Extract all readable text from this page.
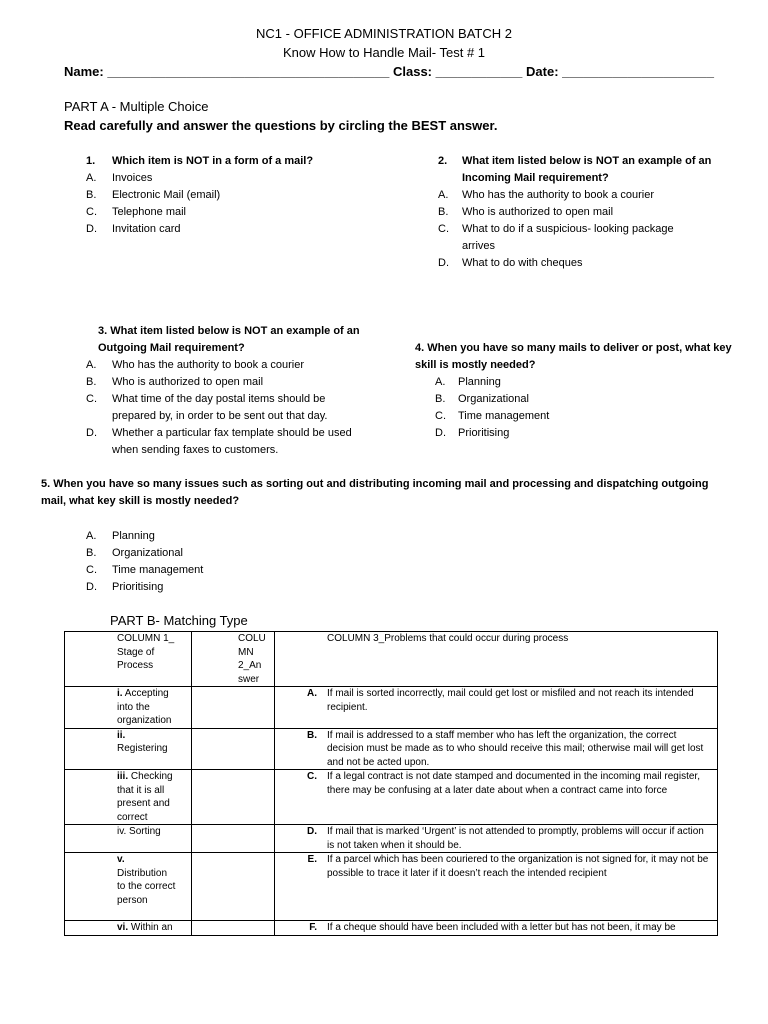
NC1 - OFFICE ADMINISTRATION BATCH 2
Know How to Handle Mail- Test # 1
Name: _______________________________________ Class: ____________ Date: _____________________
PART A - Multiple Choice
Read carefully and answer the questions by circling the BEST answer.
1.	Which item is NOT in a form of a mail?
A.	Invoices
B.	Electronic Mail (email)
C.	Telephone mail
D.	Invitation card
2.	What item listed below is NOT an example of an Incoming Mail requirement?
A.	Who has the authority to book a courier
B.	Who is authorized to open mail
C.	What to do if a suspicious- looking package arrives
D.	What to do with cheques
3. What item listed below is NOT an example of an Outgoing Mail requirement?
A.	Who has the authority to book a courier
B.	Who is authorized to open mail
C.	What time of the day postal items should be prepared by, in order to be sent out that day.
D.	Whether a particular fax template should be used when sending faxes to customers.
4. When you have so many mails to deliver or post, what key skill is mostly needed?
A.	Planning
B.	Organizational
C.	Time management
D.	Prioritising
5. When you have so many issues such as sorting out and distributing incoming mail and processing and dispatching outgoing mail, what key skill is mostly needed?
A.	Planning
B.	Organizational
C.	Time management
D.	Prioritising
PART B- Matching Type
COLUMN 1_ Stage of Process	COLU MN 2_An swer	COLUMN 3_Problems that could occur during process

i. Accepting into the organization		A. If mail is sorted incorrectly, mail could get lost or misfiled and not reach its intended recipient.

ii.
Registering		B. If mail is addressed to a staff member who has left the organization, the correct decision must be made as to who should receive this mail; otherwise mail will get lost and not be acted upon.

iii. Checking that it is all present and correct		C. If a legal contract is not date stamped and documented in the incoming mail register, there may be confusing at a later date about when a contract came into force

iv. Sorting		D. If mail that is marked ‘Urgent’ is not attended to promptly, problems will occur if action is not taken when it should be.

v.
Distribution to the correct person		E. If a parcel which has been couriered to the organization is not signed for, it may not be possible to trace it later if it doesn’t reach the intended recipient

vi. Within an		F. If a cheque should have been included with a letter but has not been, it may be
